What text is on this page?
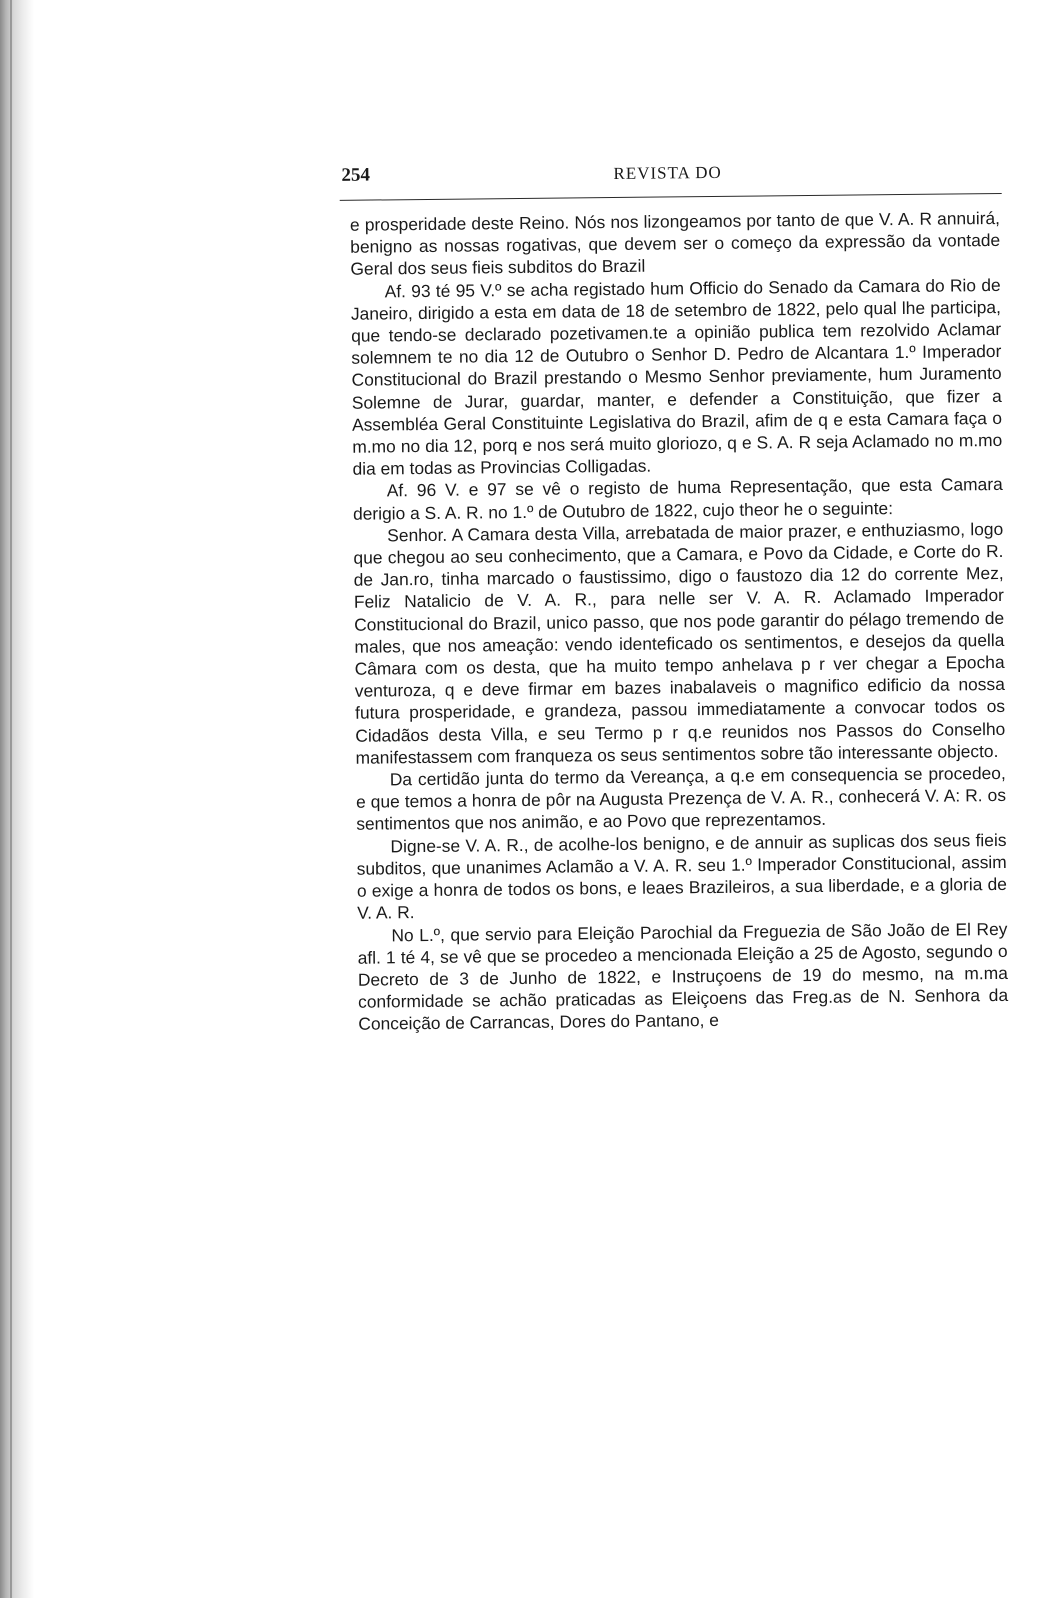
254	REVISTA DO

e prosperidade deste Reino. Nós nos lizongeamos por tanto de que V. A. R annuirá, benigno as nossas rogativas, que devem ser o começo da expressão da vontade Geral dos seus fieis subditos do Brazil

Af. 93 té 95 V.º se acha registado hum Officio do Senado da Camara do Rio de Janeiro, dirigido a esta em data de 18 de setembro de 1822, pelo qual lhe participa, que tendo-se declarado pozetivamen.te a opinião publica tem rezolvido Aclamar solemnem te no dia 12 de Outubro o Senhor D. Pedro de Alcantara 1.º Imperador Constitucional do Brazil prestando o Mesmo Senhor previamente, hum Juramento Solemne de Jurar, guardar, manter, e defender a Constituição, que fizer a Assembléa Geral Constituinte Legislativa do Brazil, afim de q e esta Camara faça o m.mo no dia 12, porq e nos será muito gloriozo, q e S. A. R seja Aclamado no m.mo dia em todas as Provincias Colligadas.

Af. 96 V. e 97 se vê o registo de huma Representação, que esta Camara derigio a S. A. R. no 1.º de Outubro de 1822, cujo theor he o seguinte:

Senhor. A Camara desta Villa, arrebatada de maior prazer, e enthuziasmo, logo que chegou ao seu conhecimento, que a Camara, e Povo da Cidade, e Corte do R. de Jan.ro, tinha marcado o faustissimo, digo o faustozo dia 12 do corrente Mez, Feliz Natalicio de V. A. R., para nelle ser V. A. R. Aclamado Imperador Constitucional do Brazil, unico passo, que nos pode garantir do pélago tremendo de males, que nos ameação: vendo identeficado os sentimentos, e desejos da quella Câmara com os desta, que ha muito tempo anhelava p r ver chegar a Epocha venturoza, q e deve firmar em bazes inabalaveis o magnifico edificio da nossa futura prosperidade, e grandeza, passou immediatamente a convocar todos os Cidadãos desta Villa, e seu Termo p r q.e reunidos nos Passos do Conselho manifestassem com franqueza os seus sentimentos sobre tão interessante objecto.

Da certidão junta do termo da Vereança, a q.e em consequencia se procedeo, e que temos a honra de pôr na Augusta Prezença de V. A. R., conhecerá V. A: R. os sentimentos que nos animão, e ao Povo que reprezentamos.

Digne-se V. A. R., de acolhe-los benigno, e de annuir as suplicas dos seus fieis subditos, que unanimes Aclamão a V. A. R. seu 1.º Imperador Constitucional, assim o exige a honra de todos os bons, e leaes Brazileiros, a sua liberdade, e a gloria de V. A. R.

No L.º, que servio para Eleição Parochial da Freguezia de São João de El Rey afl. 1 té 4, se vê que se procedeo a mencionada Eleição a 25 de Agosto, segundo o Decreto de 3 de Junho de 1822, e Instruçoens de 19 do mesmo, na m.ma conformidade se achão praticadas as Eleiçoens das Freg.as de N. Senhora da Conceição de Carrancas, Dores do Pantano, e
